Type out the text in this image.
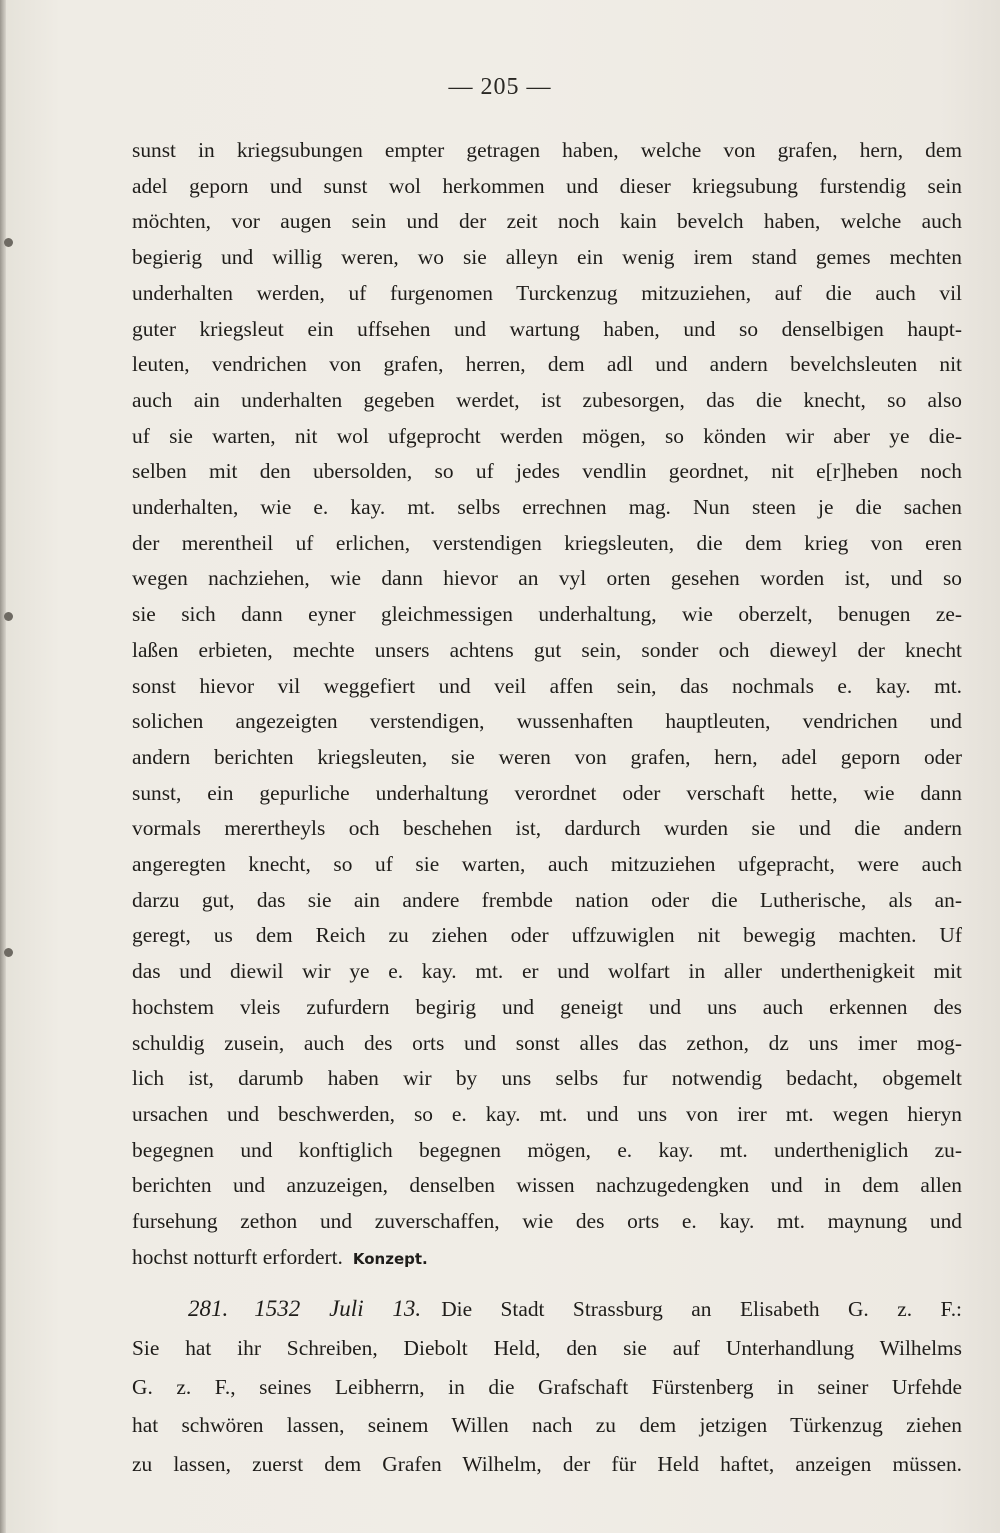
— 205 —
sunst in kriegsubungen empter getragen haben, welche von grafen, hern, dem
adel geporn und sunst wol herkommen und dieser kriegsubung furstendig sein
möchten, vor augen sein und der zeit noch kain bevelch haben, welche auch
begierig und willig weren, wo sie alleyn ein wenig irem stand gemes mechten
underhalten werden, uf furgenomen Turckenzug mitzuziehen, auf die auch vil
guter kriegsleut ein uffsehen und wartung haben, und so denselbigen haupt-
leuten, vendrichen von grafen, herren, dem adl und andern bevelchsleuten nit
auch ain underhalten gegeben werdet, ist zubesorgen, das die knecht, so also
uf sie warten, nit wol ufgeprocht werden mögen, so könden wir aber ye die-
selben mit den ubersolden, so uf jedes vendlin geordnet, nit e[r]heben noch
underhalten, wie e. kay. mt. selbs errechnen mag. Nun steen je die sachen
der merentheil uf erlichen, verstendigen kriegsleuten, die dem krieg von eren
wegen nachziehen, wie dann hievor an vyl orten gesehen worden ist, und so
sie sich dann eyner gleichmessigen underhaltung, wie oberzelt, benugen ze-
laßen erbieten, mechte unsers achtens gut sein, sonder och dieweyl der knecht
sonst hievor vil weggefiert und veil affen sein, das nochmals e. kay. mt.
solichen angezeigten verstendigen, wussenhaften hauptleuten, vendrichen und
andern berichten kriegsleuten, sie weren von grafen, hern, adel geporn oder
sunst, ein gepurliche underhaltung verordnet oder verschaft hette, wie dann
vormals merertheyls och beschehen ist, dardurch wurden sie und die andern
angeregten knecht, so uf sie warten, auch mitzuziehen ufgepracht, were auch
darzu gut, das sie ain andere frembde nation oder die Lutherische, als an-
geregt, us dem Reich zu ziehen oder uffzuwiglen nit bewegig machten. Uf
das und diewil wir ye e. kay. mt. er und wolfart in aller underthenigkeit mit
hochstem vleis zufurdern begirig und geneigt und uns auch erkennen des
schuldig zusein, auch des orts und sonst alles das zethon, dz uns imer mog-
lich ist, darumb haben wir by uns selbs fur notwendig bedacht, obgemelt
ursachen und beschwerden, so e. kay. mt. und uns von irer mt. wegen hieryn
begegnen und konftiglich begegnen mögen, e. kay. mt. undertheniglich zu-
berichten und anzuzeigen, denselben wissen nachzugedengken und in dem allen
fursehung zethon und zuverschaffen, wie des orts e. kay. mt. maynung und
hochst notturft erfordert. Konzept.
281. 1532 Juli 13. Die Stadt Strassburg an Elisabeth G. z. F.:
Sie hat ihr Schreiben, Diebolt Held, den sie auf Unterhandlung Wilhelms
G. z. F., seines Leibherrn, in die Grafschaft Fürstenberg in seiner Urfehde
hat schwören lassen, seinem Willen nach zu dem jetzigen Türkenzug ziehen
zu lassen, zuerst dem Grafen Wilhelm, der für Held haftet, anzeigen müssen.
